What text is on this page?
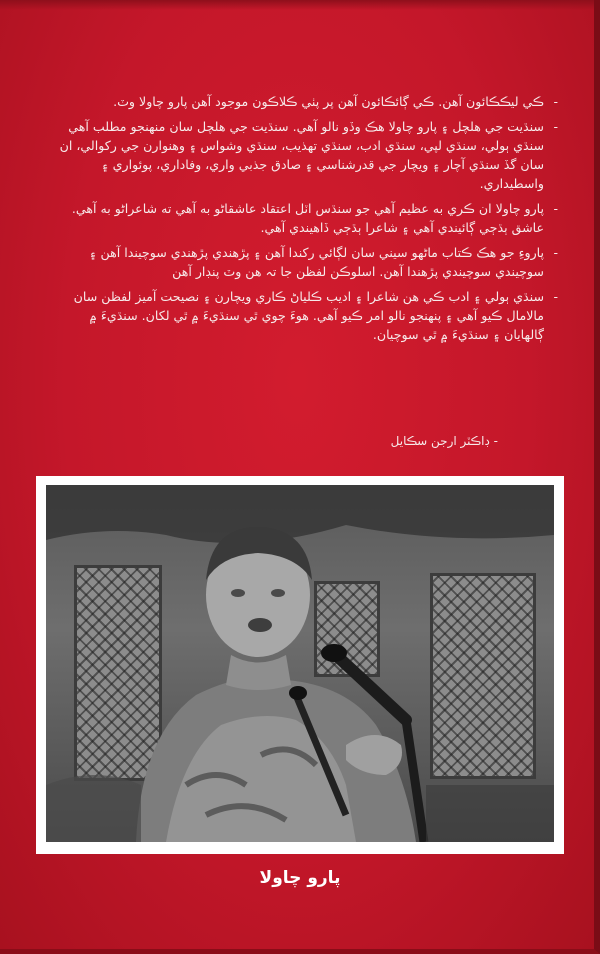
- ڪي ليڪڪائون آهن. ڪي ڳائڪائون آهن پر پٺي ڪلاڪون موجود آهن پارو چاولا وٽ.
- سنڌيت جي هلچل ۽ پارو چاولا هڪ وڏو نالو آهي. سنڌيت جي هلچل سان منهنجو مطلب آهي سنڌي ٻولي، سنڌي لپي، سنڌي ادب، سنڌي تهذيب، سنڌي وشواس ۽ وهنوارن جي رکوالي، ان سان گڏ سنڌي آچار ۽ ويچار جي قدرشناسي ۽ صادق جذبي واري، وفاداري، پوئواري ۽ واسطيداري.
- پارو چاولا ان ڪري به عظيم آهي جو سنڌس اٽل اعتقاد عاشقاڻو به آهي ته شاعراڻو به آهي. عاشق ٻڌڄي ڳائيندي آهي ۽ شاعرا ٻڌڄي ڏاهيندي آهي.
- پاروءِ جو هڪ ڪتاب ماڻهو سيني سان لڳائي رکندا آهن ۽ پڙهندي پڙهندي سوچيندا آهن ۽ سوچيندي سوچيندي پڙهندا آهن. اسلوڪن لفظن جا تہ هن وٽ پنڊار آهن
- سنڌي ٻولي ۽ ادب ڪي هن شاعرا ۽ اديب ڪلياڻ ڪاري ويچارن ۽ نصيحت آميز لفظن سان مالامال ڪيو آهي ۽ پنهنجو نالو امر ڪيو آهي. هوءَ چوي ٿي سنڌيءَ ۾ ٿي لکان. سنڌيءَ ۾ ڳالهايان ۽ سنڌيءَ ۾ ٿي سوچيان.
- ڊاڪٽر ارجن سڪايل
پارو چاولا
